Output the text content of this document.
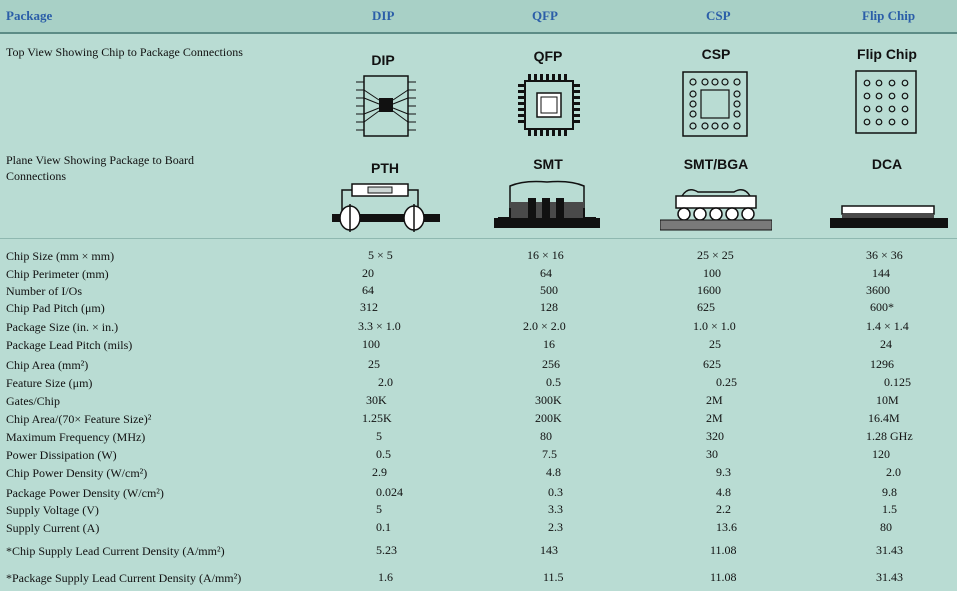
Package	DIP	QFP	CSP	Flip Chip
Top View Showing Chip to Package Connections	DIP	QFP	CSP	Flip Chip
Plane View Showing Package to Board Connections	PTH	SMT	SMT/BGA	DCA
Chip Size (mm × mm)	5 × 5	16 × 16	25 × 25	36 × 36
Chip Perimeter (mm)	20	64	100	144
Number of I/Os	64	500	1600	3600
Chip Pad Pitch (μm)	312	128	625	600*
Package Size (in. × in.)	3.3 × 1.0	2.0 × 2.0	1.0 × 1.0	1.4 × 1.4
Package Lead Pitch (mils)	100	16	25	24
Chip Area (mm²)	25	256	625	1296
Feature Size (μm)	2.0	0.5	0.25	0.125
Gates/Chip	30K	300K	2M	10M
Chip Area/(70× Feature Size)²	1.25K	200K	2M	16.4M
Maximum Frequency (MHz)	5	80	320	1.28 GHz
Power Dissipation (W)	0.5	7.5	30	120
Chip Power Density (W/cm²)	2.9	4.8	9.3	2.0
Package Power Density (W/cm²)	0.024	0.3	4.8	9.8
Supply Voltage (V)	5	3.3	2.2	1.5
Supply Current (A)	0.1	2.3	13.6	80
*Chip Supply Lead Current Density (A/mm²)	5.23	143	11.08	31.43
*Package Supply Lead Current Density (A/mm²)	1.6	11.5	11.08	31.43
